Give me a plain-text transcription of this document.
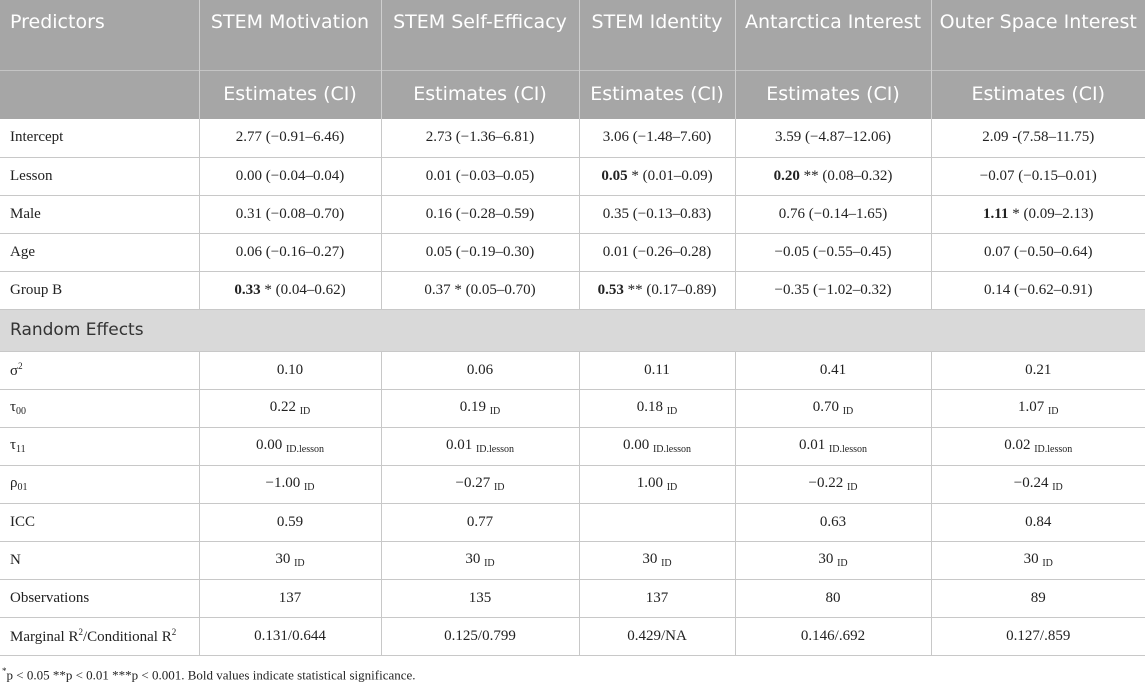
Predictors	STEM Motivation	STEM Self-Efficacy	STEM Identity	Antarctica Interest	Outer Space Interest
	Estimates (CI)	Estimates (CI)	Estimates (CI)	Estimates (CI)	Estimates (CI)
Intercept	2.77 (−0.91–6.46)	2.73 (−1.36–6.81)	3.06 (−1.48–7.60)	3.59 (−4.87–12.06)	2.09 -(7.58–11.75)
Lesson	0.00 (−0.04–0.04)	0.01 (−0.03–0.05)	0.05 * (0.01–0.09)	0.20 ** (0.08–0.32)	−0.07 (−0.15–0.01)
Male	0.31 (−0.08–0.70)	0.16 (−0.28–0.59)	0.35 (−0.13–0.83)	0.76 (−0.14–1.65)	1.11 * (0.09–2.13)
Age	0.06 (−0.16–0.27)	0.05 (−0.19–0.30)	0.01 (−0.26–0.28)	−0.05 (−0.55–0.45)	0.07 (−0.50–0.64)
Group B	0.33 * (0.04–0.62)	0.37 * (0.05–0.70)	0.53 ** (0.17–0.89)	−0.35 (−1.02–0.32)	0.14 (−0.62–0.91)
Random Effects					
$\sigma^2$	0.10	0.06	0.11	0.41	0.21
$\tau_{00}$	0.22 $_{ID}$	0.19 $_{ID}$	0.18 $_{ID}$	0.70 $_{ID}$	1.07 $_{ID}$
$\tau_{11}$	0.00 $_{ID.lesson}$	0.01 $_{ID.lesson}$	0.00 $_{ID.lesson}$	0.01 $_{ID.lesson}$	0.02 $_{ID.lesson}$
$\rho_{01}$	−1.00 $_{ID}$	−0.27 $_{ID}$	1.00 $_{ID}$	−0.22 $_{ID}$	−0.24 $_{ID}$
ICC	0.59	0.77		0.63	0.84
N	30 $_{ID}$	30 $_{ID}$	30 $_{ID}$	30 $_{ID}$	30 $_{ID}$
Observations	137	135	137	80	89
Marginal $R^2$/Conditional $R^2$	0.131/0.644	0.125/0.799	0.429/NA	0.146/.692	0.127/.859
*p < 0.05 **p < 0.01 ***p < 0.001. Bold values indicate statistical significance.
